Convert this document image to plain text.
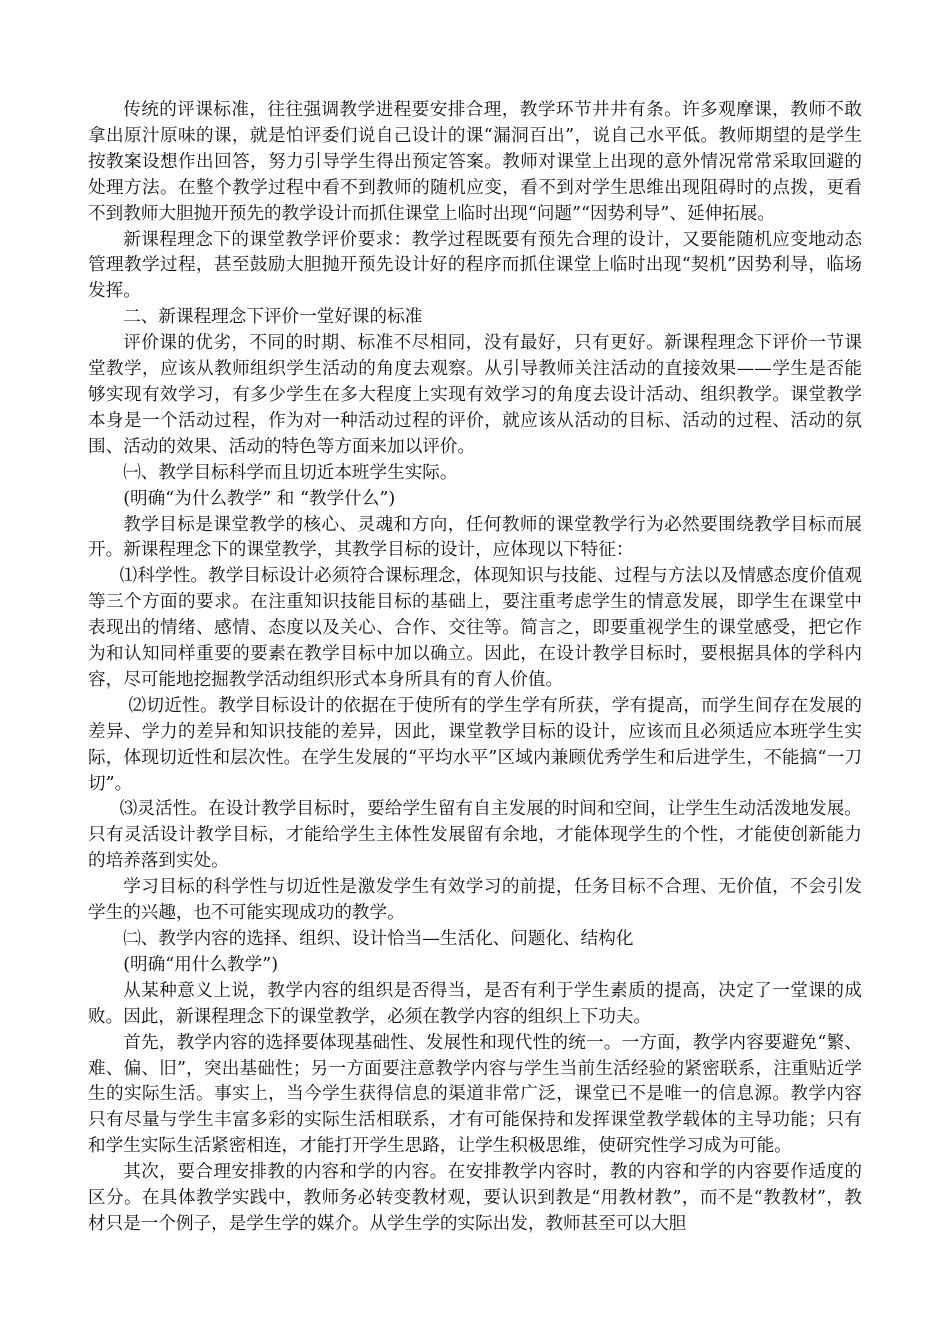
传统的评课标准，往往强调教学进程要安排合理，教学环节井井有条。许多观摩课，教师不敢拿出原汁原味的课，就是怕评委们说自己设计的课“漏洞百出”，说自己水平低。教师期望的是学生按教案设想作出回答，努力引导学生得出预定答案。教师对课堂上出现的意外情况常常采取回避的处理方法。在整个教学过程中看不到教师的随机应变，看不到对学生思维出现阻碍时的点拨，更看不到教师大胆抛开预先的教学设计而抓住课堂上临时出现“问题”“因势利导”、延伸拓展。

新课程理念下的课堂教学评价要求：教学过程既要有预先合理的设计，又要能随机应变地动态管理教学过程，甚至鼓励大胆抛开预先设计好的程序而抓住课堂上临时出现“契机”因势利导，临场发挥。

二、新课程理念下评价一堂好课的标准

评价课的优劣，不同的时期、标准不尽相同，没有最好，只有更好。新课程理念下评价一节课堂教学，应该从教师组织学生活动的角度去观察。从引导教师关注活动的直接效果——学生是否能够实现有效学习，有多少学生在多大程度上实现有效学习的角度去设计活动、组织教学。课堂教学本身是一个活动过程，作为对一种活动过程的评价，就应该从活动的目标、活动的过程、活动的氛围、活动的效果、活动的特色等方面来加以评价。

㈠、教学目标科学而且切近本班学生实际。

(明确“为什么教学” 和 “教学什么”)

教学目标是课堂教学的核心、灵魂和方向，任何教师的课堂教学行为必然要围绕教学目标而展开。新课程理念下的课堂教学，其教学目标的设计，应体现以下特征：

⑴科学性。教学目标设计必须符合课标理念，体现知识与技能、过程与方法以及情感态度价值观等三个方面的要求。在注重知识技能目标的基础上，要注重考虑学生的情意发展，即学生在课堂中表现出的情绪、感情、态度以及关心、合作、交往等。简言之，即要重视学生的课堂感受，把它作为和认知同样重要的要素在教学目标中加以确立。因此，在设计教学目标时，要根据具体的学科内容，尽可能地挖掘教学活动组织形式本身所具有的育人价值。

⑵切近性。教学目标设计的依据在于使所有的学生学有所获，学有提高，而学生间存在发展的差异、学力的差异和知识技能的差异，因此，课堂教学目标的设计，应该而且必须适应本班学生实际，体现切近性和层次性。在学生发展的“平均水平”区域内兼顾优秀学生和后进学生，不能搞“一刀切”。

⑶灵活性。在设计教学目标时，要给学生留有自主发展的时间和空间，让学生生动活泼地发展。只有灵活设计教学目标，才能给学生主体性发展留有余地，才能体现学生的个性，才能使创新能力的培养落到实处。

学习目标的科学性与切近性是激发学生有效学习的前提，任务目标不合理、无价值，不会引发学生的兴趣，也不可能实现成功的教学。

㈡、教学内容的选择、组织、设计恰当—生活化、问题化、结构化

(明确“用什么教学”)

从某种意义上说，教学内容的组织是否得当，是否有利于学生素质的提高，决定了一堂课的成败。因此，新课程理念下的课堂教学，必须在教学内容的组织上下功夫。

首先，教学内容的选择要体现基础性、发展性和现代性的统一。一方面，教学内容要避免“繁、难、偏、旧”，突出基础性；另一方面要注意教学内容与学生当前生活经验的紧密联系，注重贴近学生的实际生活。事实上，当今学生获得信息的渠道非常广泛，课堂已不是唯一的信息源。教学内容只有尽量与学生丰富多彩的实际生活相联系，才有可能保持和发挥课堂教学载体的主导功能；只有和学生实际生活紧密相连，才能打开学生思路，让学生积极思维，使研究性学习成为可能。

其次，要合理安排教的内容和学的内容。在安排教学内容时，教的内容和学的内容要作适度的区分。在具体教学实践中，教师务必转变教材观，要认识到教是“用教材教”，而不是“教教材”，教材只是一个例子，是学生学的媒介。从学生学的实际出发，教师甚至可以大胆
